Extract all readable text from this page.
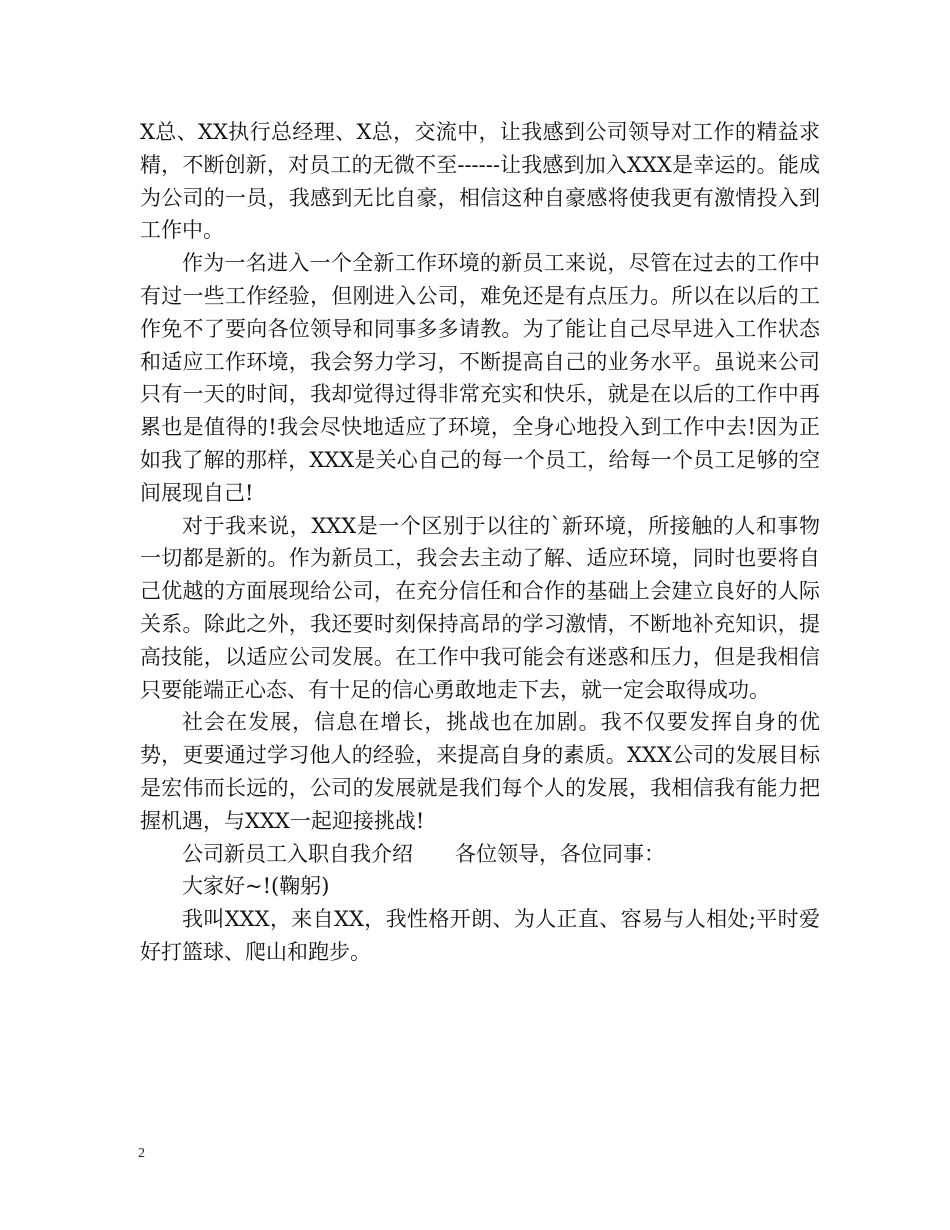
X总、XX执行总经理、X总，交流中，让我感到公司领导对工作的精益求精，不断创新，对员工的无微不至------让我感到加入XXX是幸运的。能成为公司的一员，我感到无比自豪，相信这种自豪感将使我更有激情投入到工作中。

作为一名进入一个全新工作环境的新员工来说，尽管在过去的工作中有过一些工作经验，但刚进入公司，难免还是有点压力。所以在以后的工作免不了要向各位领导和同事多多请教。为了能让自己尽早进入工作状态和适应工作环境，我会努力学习，不断提高自己的业务水平。虽说来公司只有一天的时间，我却觉得过得非常充实和快乐，就是在以后的工作中再累也是值得的!我会尽快地适应了环境，全身心地投入到工作中去!因为正如我了解的那样，XXX是关心自己的每一个员工，给每一个员工足够的空间展现自己!

对于我来说，XXX是一个区别于以往的`新环境，所接触的人和事物一切都是新的。作为新员工，我会去主动了解、适应环境，同时也要将自己优越的方面展现给公司，在充分信任和合作的基础上会建立良好的人际关系。除此之外，我还要时刻保持高昂的学习激情，不断地补充知识，提高技能，以适应公司发展。在工作中我可能会有迷惑和压力，但是我相信只要能端正心态、有十足的信心勇敢地走下去，就一定会取得成功。

社会在发展，信息在增长，挑战也在加剧。我不仅要发挥自身的优势，更要通过学习他人的经验，来提高自身的素质。XXX公司的发展目标是宏伟而长远的，公司的发展就是我们每个人的发展，我相信我有能力把握机遇，与XXX一起迎接挑战!

公司新员工入职自我介绍　　各位领导，各位同事：

大家好~!(鞠躬)

我叫XXX，来自XX，我性格开朗、为人正直、容易与人相处;平时爱好打篮球、爬山和跑步。

2
